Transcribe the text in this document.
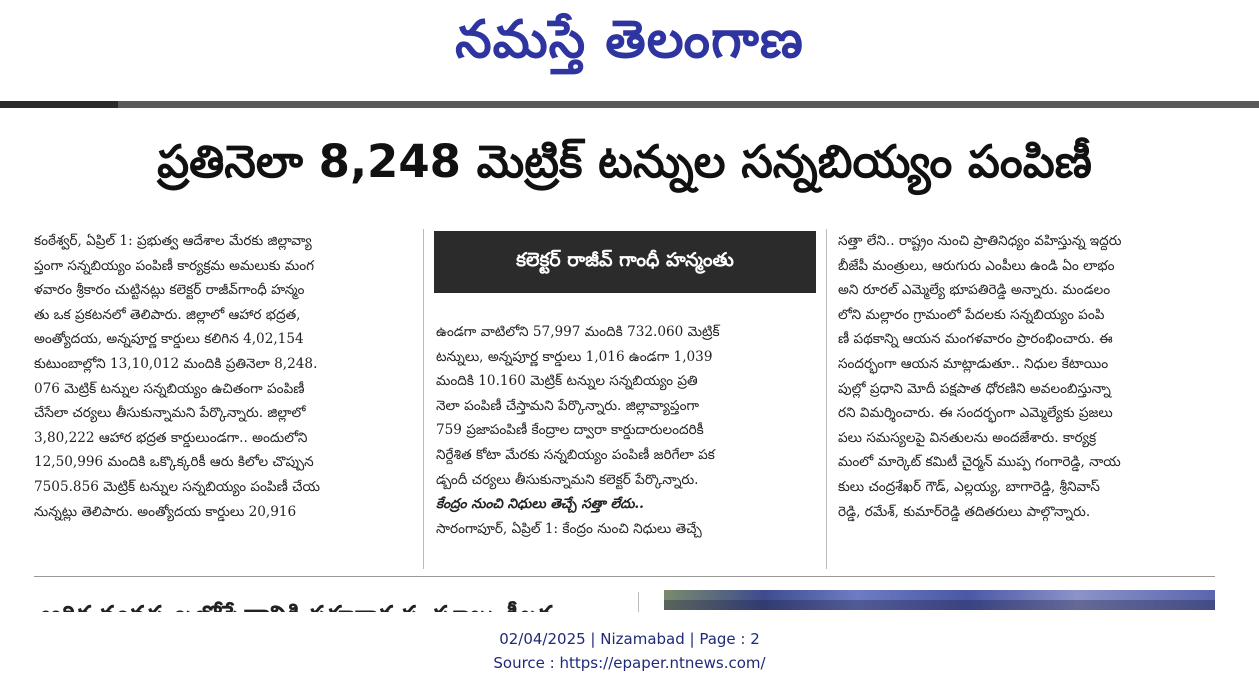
నమస్తే తెలంగాణ
ప్రతినెలా 8,248 మెట్రిక్ టన్నుల సన్నబియ్యం పంపిణీ
కంఠేశ్వర్, ఏప్రిల్ 1: ప్రభుత్వ ఆదేశాల మేరకు జిల్లావ్యా
ప్తంగా సన్నబియ్యం పంపిణీ కార్యక్రమ అమలుకు మంగ
ళవారం శ్రీకారం చుట్టినట్లు కలెక్టర్ రాజీవ్‌గాంధీ హన్మం
తు ఒక ప్రకటనలో తెలిపారు. జిల్లాలో ఆహార భద్రత,
అంత్యోదయ, అన్నపూర్ణ కార్డులు కలిగిన 4,02,154
కుటుంబాల్లోని 13,10,012 మందికి ప్రతినెలా 8,248.
076 మెట్రిక్ టన్నుల సన్నబియ్యం ఉచితంగా పంపిణీ
చేసేలా చర్యలు తీసుకున్నామని పేర్కొన్నారు. జిల్లాలో
3,80,222 ఆహార భద్రత కార్డులుండగా.. అందులోని
12,50,996 మందికి ఒక్కొక్కరికీ ఆరు కిలోల చొప్పున
7505.856 మెట్రిక్ టన్నుల సన్నబియ్యం పంపిణీ చేయ
నున్నట్లు తెలిపారు. అంత్యోదయ కార్డులు 20,916
కలెక్టర్ రాజీవ్ గాంధీ హన్మంతు
ఉండగా వాటిలోని 57,997 మందికి 732.060 మెట్రిక్
టన్నులు, అన్నపూర్ణ కార్డులు 1,016 ఉండగా 1,039
మందికి 10.160 మెట్రిక్ టన్నుల సన్నబియ్యం ప్రతి
నెలా పంపిణీ చేస్తామని పేర్కొన్నారు. జిల్లావ్యాప్తంగా
759 ప్రజాపంపిణీ కేంద్రాల ద్వారా కార్డుదారులందరికీ
నిర్దేశిత కోటా మేరకు సన్నబియ్యం పంపిణీ జరిగేలా పక
డ్బందీ చర్యలు తీసుకున్నామని కలెక్టర్ పేర్కొన్నారు.
కేంద్రం నుంచి నిధులు తెచ్చే సత్తా లేదు..
సారంగాపూర్, ఏప్రిల్ 1: కేంద్రం నుంచి నిధులు తెచ్చే
సత్తా లేని.. రాష్ట్రం నుంచి ప్రాతినిధ్యం వహిస్తున్న ఇద్దరు
బీజేపీ మంత్రులు, ఆరుగురు ఎంపీలు ఉండి ఏం లాభం
అని రూరల్ ఎమ్మెల్యే భూపతిరెడ్డి అన్నారు. మండలం
లోని మల్లారం గ్రామంలో పేదలకు సన్నబియ్యం పంపి
ణీ పథకాన్ని ఆయన మంగళవారం ప్రారంభించారు. ఈ
సందర్భంగా ఆయన మాట్లాడుతూ.. నిధుల కేటాయిం
పుల్లో ప్రధాని మోదీ పక్షపాత ధోరణిని అవలంబిస్తున్నా
రని విమర్శించారు. ఈ సందర్భంగా ఎమ్మెల్యేకు ప్రజలు
పలు సమస్యలపై వినతులను అందజేశారు. కార్యక్ర
మంలో మార్కెట్ కమిటీ చైర్మన్ ముప్ప గంగారెడ్డి, నాయ
కులు చంద్రశేఖర్ గౌడ్, ఎల్లయ్య, బాగారెడ్డి, శ్రీనివాస్
రెడ్డి, రమేశ్, కుమార్‌రెడ్డి తదితరులు పాల్గొన్నారు.
02/04/2025 | Nizamabad | Page : 2
Source : https://epaper.ntnews.com/
